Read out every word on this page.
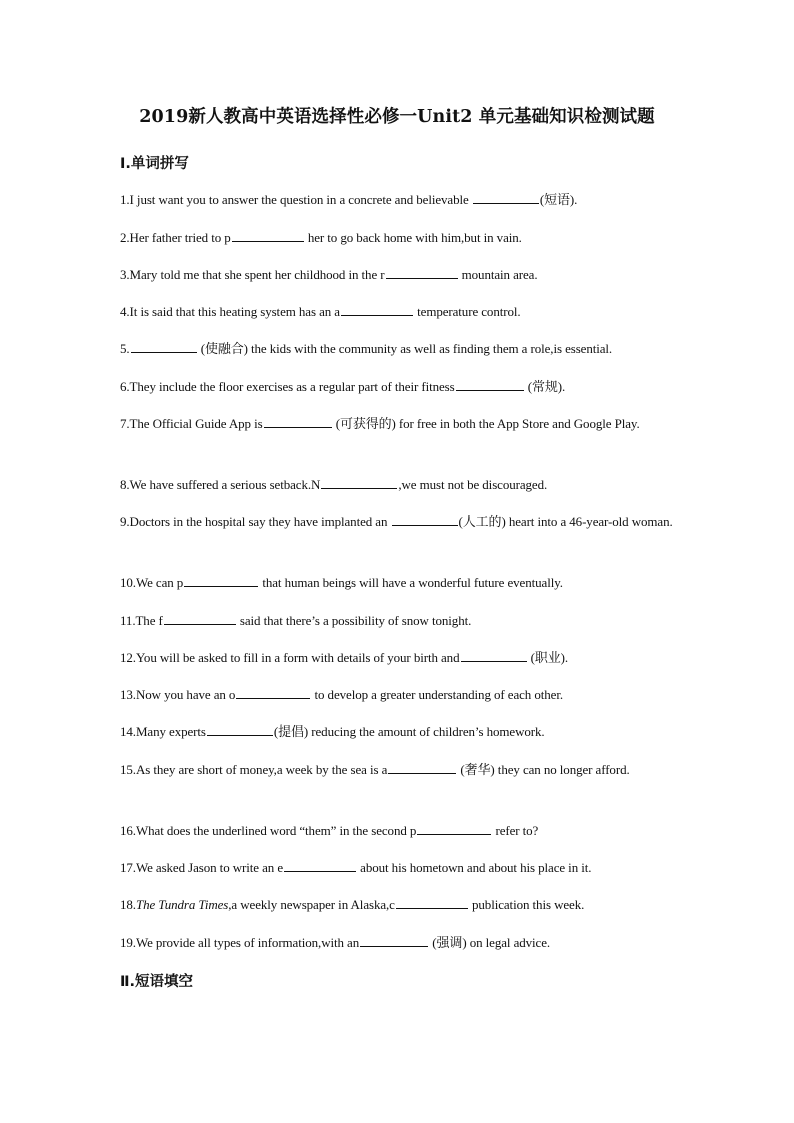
2019新人教高中英语选择性必修一Unit2 单元基础知识检测试题
Ⅰ.单词拼写
1.I just want you to answer the question in a concrete and believable	(短语).
2.Her father tried to p	her to go back home with him,but in vain.
3.Mary told me that she spent her childhood in the r	mountain area.
4.It is said that this heating system has an a	temperature control.
5.	(使融合) the kids with the community as well as finding them a role,is essential.
6.They include the floor exercises as a regular part of their fitness	(常规).
7.The Official Guide App is	(可获得的) for free in both the App Store and Google Play.
8.We have suffered a serious setback.N	,we must not be discouraged.
9.Doctors in the hospital say they have implanted an	(人工的) heart into a 46-year-old woman.
10.We can p	that human beings will have a wonderful future eventually.
11.The f	said that there’s a possibility of snow tonight.
12.You will be asked to fill in a form with details of your birth and	(职业).
13.Now you have an o	to develop a greater understanding of each other.
14.Many experts	(提倡) reducing the amount of children’s homework.
15.As they are short of money,a week by the sea is a	(奢华) they can no longer afford.
16.What does the underlined word “them” in the second p	refer to?
17.We asked Jason to write an e	about his hometown and about his place in it.
18.The Tundra Times,a weekly newspaper in Alaska,c	publication this week.
19.We provide all types of information,with an	(强调) on legal advice.
Ⅱ.短语填空
